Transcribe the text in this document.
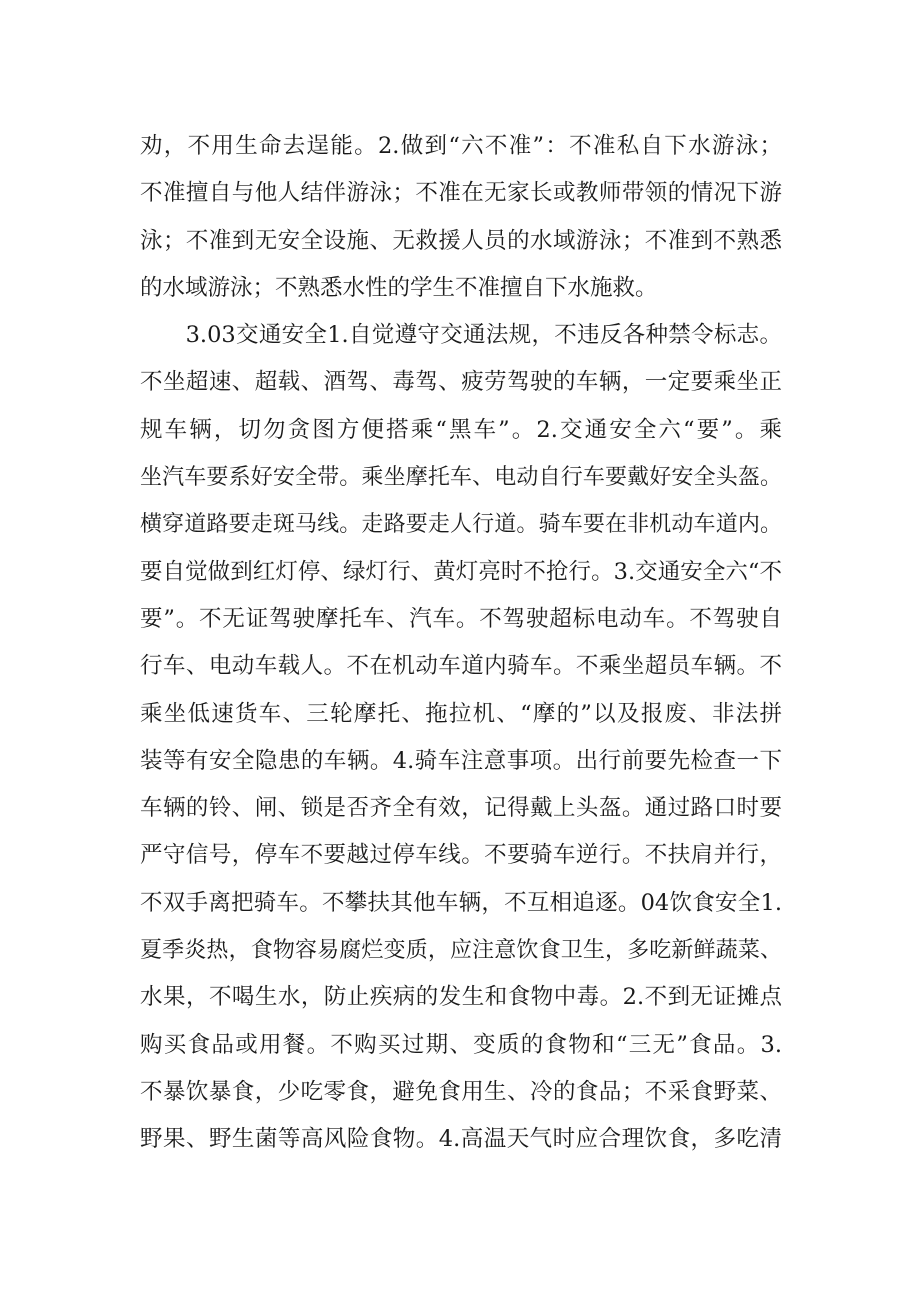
劝，不用生命去逞能。2.做到“六不准”：不准私自下水游泳；
不准擅自与他人结伴游泳；不准在无家长或教师带领的情况下游
泳；不准到无安全设施、无救援人员的水域游泳；不准到不熟悉
的水域游泳；不熟悉水性的学生不准擅自下水施救。
　　3.03交通安全1.自觉遵守交通法规，不违反各种禁令标志。
不坐超速、超载、酒驾、毒驾、疲劳驾驶的车辆，一定要乘坐正
规车辆，切勿贪图方便搭乘“黑车”。2.交通安全六“要”。乘
坐汽车要系好安全带。乘坐摩托车、电动自行车要戴好安全头盔。
横穿道路要走斑马线。走路要走人行道。骑车要在非机动车道内。
要自觉做到红灯停、绿灯行、黄灯亮时不抢行。3.交通安全六“不
要”。不无证驾驶摩托车、汽车。不驾驶超标电动车。不驾驶自
行车、电动车载人。不在机动车道内骑车。不乘坐超员车辆。不
乘坐低速货车、三轮摩托、拖拉机、“摩的”以及报废、非法拼
装等有安全隐患的车辆。4.骑车注意事项。出行前要先检查一下
车辆的铃、闸、锁是否齐全有效，记得戴上头盔。通过路口时要
严守信号，停车不要越过停车线。不要骑车逆行。不扶肩并行，
不双手离把骑车。不攀扶其他车辆，不互相追逐。04饮食安全1.
夏季炎热，食物容易腐烂变质，应注意饮食卫生，多吃新鲜蔬菜、
水果，不喝生水，防止疾病的发生和食物中毒。2.不到无证摊点
购买食品或用餐。不购买过期、变质的食物和“三无”食品。3.
不暴饮暴食，少吃零食，避免食用生、冷的食品；不采食野菜、
野果、野生菌等高风险食物。4.高温天气时应合理饮食，多吃清
